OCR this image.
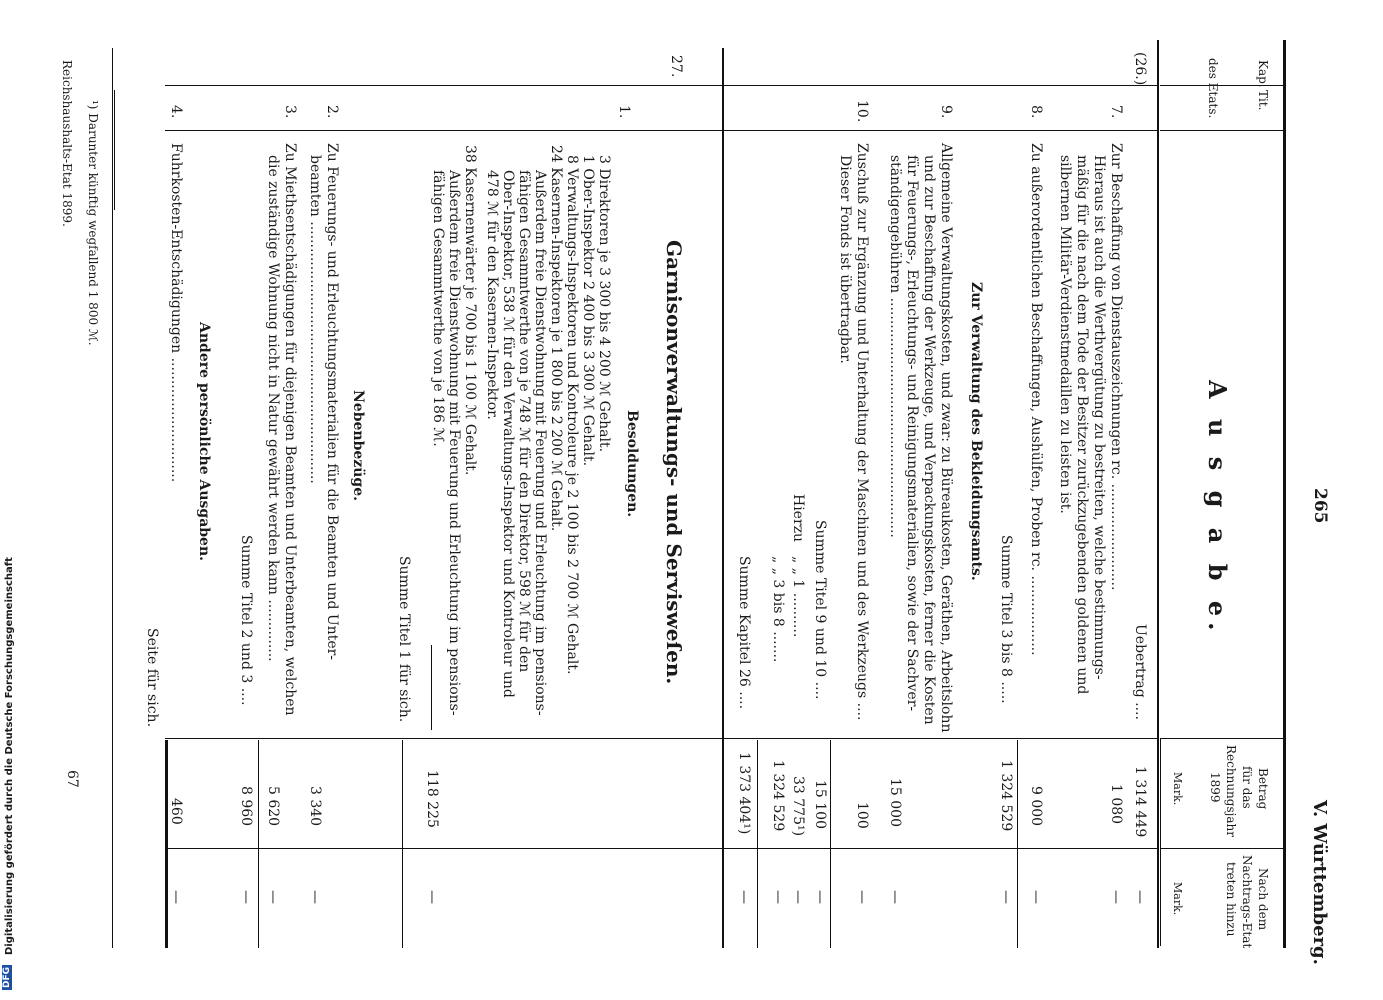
265
V. Württemberg.
A u s g a b e.
Kap.
Tit.
des Etats.
Betrag
für das
Rechnungsjahr
1899
Mark.
Nach dem
Nachtrags-Etat
treten hinzu
Mark.
(26.)
Uebertrag ....
1 314 449
—
7.
Zur Beschaffung von Dienstauszeichnungen rc. ........................
Hieraus ist auch die Werthvergütung zu bestreiten, welche bestimmungs-
mäßig für die nach dem Tode der Besitzer zurückzugebenden goldenen und
silbernen Militär-Verdienstmedaillen zu leisten ist.
1 080
—
8.
Zu außerordentlichen Beschaffungen, Aushülfen, Proben rc. ..................
9 000
—
Summe Titel 3 bis 8 .....
1 324 529
—
Zur Verwaltung des Bekleidungsamts.
9.
Allgemeine Verwaltungskosten, und zwar: zu Büreaukosten, Geräthen, Arbeitslohn
und zur Beschaffung der Werkzeuge, und Verpackungskosten, ferner die Kosten
für Feuerungs-, Erleuchtungs- und Reinigungsmaterialien, sowie der Sachver-
ständigengebühren ......................................................
15 000
—
10.
Zuschuß zur Ergänzung und Unterhaltung der Maschinen und des Werkzeugs ....
Dieser Fonds ist übertragbar.
100
—
Summe Titel 9 und 10 ....
15 100
—
Hierzu
„ „ 1 ..........
33 775¹)
—
„ „ 3 bis 8 .......
1 324 529
—
Summe Kapitel 26 ....
1 373 404¹)
—
27.
Garnisonverwaltungs- und Servisweſen.
Besoldungen.
1.
3 Direktoren je 3 300 bis 4 200 ℳ Gehalt.
1 Ober-Inspektor 2 400 bis 3 300 ℳ Gehalt.
8 Verwaltungs-Inspektoren und Kontroleure je 2 100 bis 2 700 ℳ Gehalt.
24 Kasernen-Inspektoren je 1 800 bis 2 200 ℳ Gehalt.
Außerdem freie Dienstwohnung mit Feuerung und Erleuchtung im pensions-
fähigen Gesammtwerthe von je 748 ℳ für den Direktor, 598 ℳ für den
Ober-Inspektor, 538 ℳ für den Verwaltungs-Inspektor und Kontroleur und
478 ℳ für den Kasernen-Inspektor.
38 Kasernenwärter je 700 bis 1 100 ℳ Gehalt.
Außerdem freie Dienstwohnung mit Feuerung und Erleuchtung im pensions-
fähigen Gesammtwerthe von je 186 ℳ.
Summe Titel 1 für sich.
118 225
—
Nebenbezüge.
2.
Zu Feuerungs- und Erleuchtungsmaterialien für die Beamten und Unter-
beamten ...........................................................
3 340
—
3.
Zu Miethsentschädigungen für diejenigen Beamten und Unterbeamten, welchen
die zuständige Wohnung nicht in Natur gewährt werden kann ..............
5 620
—
Summe Titel 2 und 3 ....
8 960
—
Andere persönliche Ausgaben.
4.
Fuhrkosten-Entschädigungen ............................
460
—
Seite für sich.
¹) Darunter künftig wegfallend 1 800 ℳ.
Reichshaushalts-Etat 1899.
67
Digitalisierung gefördert durch die Deutsche Forschungsgemeinschaft
DFG
